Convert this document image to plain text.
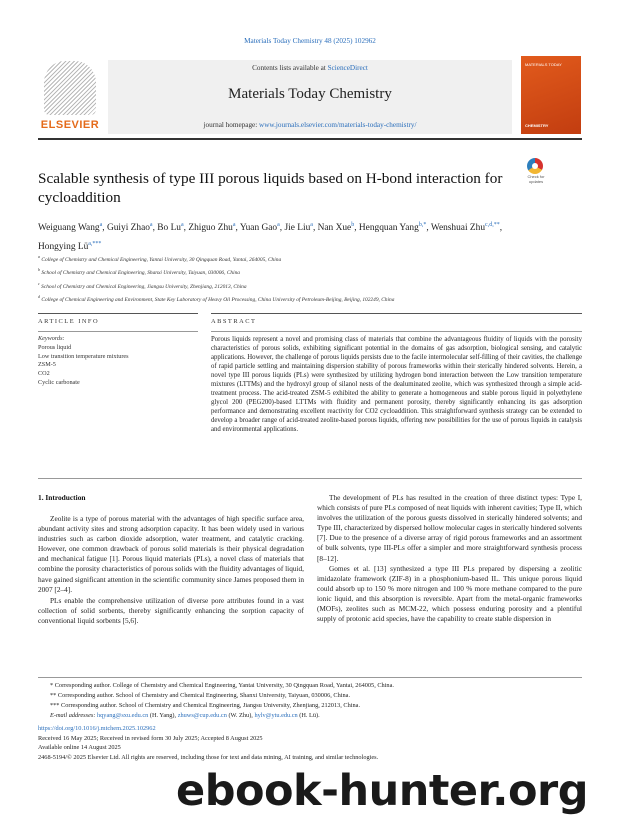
Materials Today Chemistry 48 (2025) 102962
ELSEVIER
Contents lists available at ScienceDirect
Materials Today Chemistry
journal homepage: www.journals.elsevier.com/materials-today-chemistry/
MATERIALS TODAY
CHEMISTRY
Scalable synthesis of type III porous liquids based on H-bond interaction for cycloaddition
Check for updates
Weiguang Wang$^a$, Guiyi Zhao$^a$, Bo Lu$^a$, Zhiguo Zhu$^a$, Yuan Gao$^a$, Jie Liu$^a$, Nan Xue$^b$, Hengquan Yang$^{b,*}$, Wenshuai Zhu$^{c,d,**}$, Hongying $Lü^{a,***}$
$^a$ College of Chemistry and Chemical Engineering, Yantai University, 30 Qingquan Road, Yantai, 264005, China
$^b$ School of Chemistry and Chemical Engineering, Shanxi University, Taiyuan, 030006, China
$^c$ School of Chemistry and Chemical Engineering, Jiangsu University, Zhenjiang, 212013, China
$^d$ College of Chemical Engineering and Environment, State Key Laboratory of Heavy Oil Processing, China University of Petroleum-Beijing, Beijing, 102249, China
ARTICLE INFO	ABSTRACT
Keywords:
Porous liquid
Low transition temperature mixtures
ZSM-5
CO2
Cyclic carbonate
Porous liquids represent a novel and promising class of materials that combine the advantageous fluidity of liquids with the porosity characteristics of porous solids, exhibiting significant potential in the domains of gas adsorption, biological sensing, and catalytic applications. However, the challenge of porous liquids persists due to the facile intermolecular self-filling of their cavities, the challenge of rapid particle settling and maintaining dispersion stability of porous frameworks within their sterically hindered solvents. Herein, a novel type III porous liquids (PLs) were synthesized by utilizing hydrogen bond interaction between the Low transition temperature mixtures (LTTMs) and the hydroxyl group of silanol nests of the dealuminated zeolite, which was synthesized through a simple acid-treatment process. The acid-treated ZSM-5 exhibited the ability to generate a homogeneous and stable porous liquid in polyethylene glycol 200 (PEG200)-based LTTMs with fluidity and permanent porosity, thereby significantly enhancing its gas adsorption performance and demonstrating excellent reactivity for CO2 cycloaddition. This straightforward synthesis strategy can be extended to develop a broader range of acid-treated zeolite-based porous liquids, offering new possibilities for the use of porous liquids in catalysis and environmental applications.
1. Introduction

Zeolite is a type of porous material with the advantages of high specific surface area, abundant activity sites and strong adsorption capacity. It has been widely used in various industries such as carbon dioxide adsorption, water treatment, and catalytic cracking. However, one common drawback of porous solid materials is their physical degradation and mechanical fatigue [1]. Porous liquid materials (PLs), a novel class of materials that combine the porosity characteristics of porous solids with the fluidity advantages of liquid, have gained significant attention in the scientific community since James proposed them in 2007 [2–4].

PLs enable the comprehensive utilization of diverse pore attributes found in a vast collection of solid sorbents, thereby significantly enhancing the sorption capacity of conventional liquid sorbents [5,6].

The development of PLs has resulted in the creation of three distinct types: Type I, which consists of pure PLs composed of neat liquids with inherent cavities; Type II, which involves the utilization of the porous guests dissolved in sterically hindered solvents; and Type III, characterized by dispersed hollow molecular cages in sterically hindered solvents [7]. Due to the presence of a diverse array of rigid porous frameworks and an assortment of bulk solvents, type III-PLs offer a simpler and more straightforward synthesis process [8–12].

Gomes et al. [13] synthesized a type III PLs prepared by dispersing a zeolitic imidazolate framework (ZIF-8) in a phosphonium-based IL. This unique porous liquid could absorb up to 150 % more nitrogen and 100 % more methane compared to the pure ionic liquid, and this absorption is reversible. Apart from the metal-organic frameworks (MOFs), zeolites such as MCM-22, which possess enduring porosity and a plentiful supply of protonic acid species, have the capability to create stable dispersion in

* Corresponding author. College of Chemistry and Chemical Engineering, Yantai University, 30 Qingquan Road, Yantai, 264005, China.
** Corresponding author. School of Chemistry and Chemical Engineering, Shanxi University, Taiyuan, 030006, China.
*** Corresponding author. School of Chemistry and Chemical Engineering, Jiangsu University, Zhenjiang, 212013, China.
E-mail addresses: hqyang@sxu.edu.cn (H. Yang), zhuws@cup.edu.cn (W. Zhu), hylv@ytu.edu.cn (H. Lü).
https://doi.org/10.1016/j.mtchem.2025.102962
Received 16 May 2025; Received in revised form 30 July 2025; Accepted 8 August 2025
Available online 14 August 2025
2468-5194/© 2025 Elsevier Ltd. All rights are reserved, including those for text and data mining, AI training, and similar technologies.
ebook-hunter.org
